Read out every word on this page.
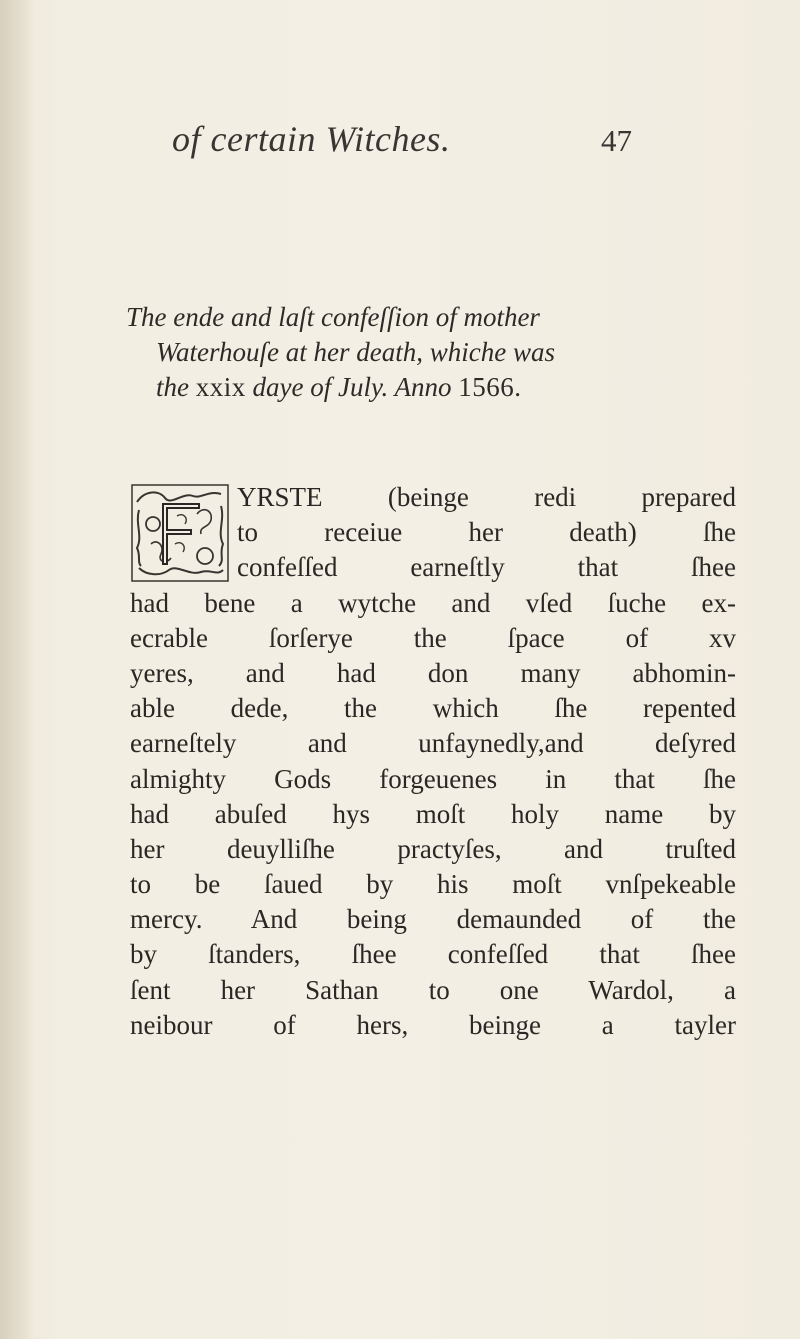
of certain Witches.	47
The ende and laſt confeſſion of mother
Waterhouſe at her death, whiche was
the xxix daye of July. Anno 1566.
YRSTE (beinge redi prepared
to receiue her death) ſhe
confeſſed earneſtly that ſhee
had bene a wytche and vſed ſuche ex-
ecrable ſorſerye the ſpace of xv
yeres, and had don many abhomin-
able dede, the which ſhe repented
earneſtely and unfaynedly,and deſyred
almighty Gods forgeuenes in that ſhe
had abuſed hys moſt holy name by
her deuylliſhe practyſes, and truſted
to be ſaued by his moſt vnſpekeable
mercy. And being demaunded of the
by ſtanders, ſhee confeſſed that ſhee
ſent her Sathan to one Wardol, a
neibour of hers, beinge a tayler
